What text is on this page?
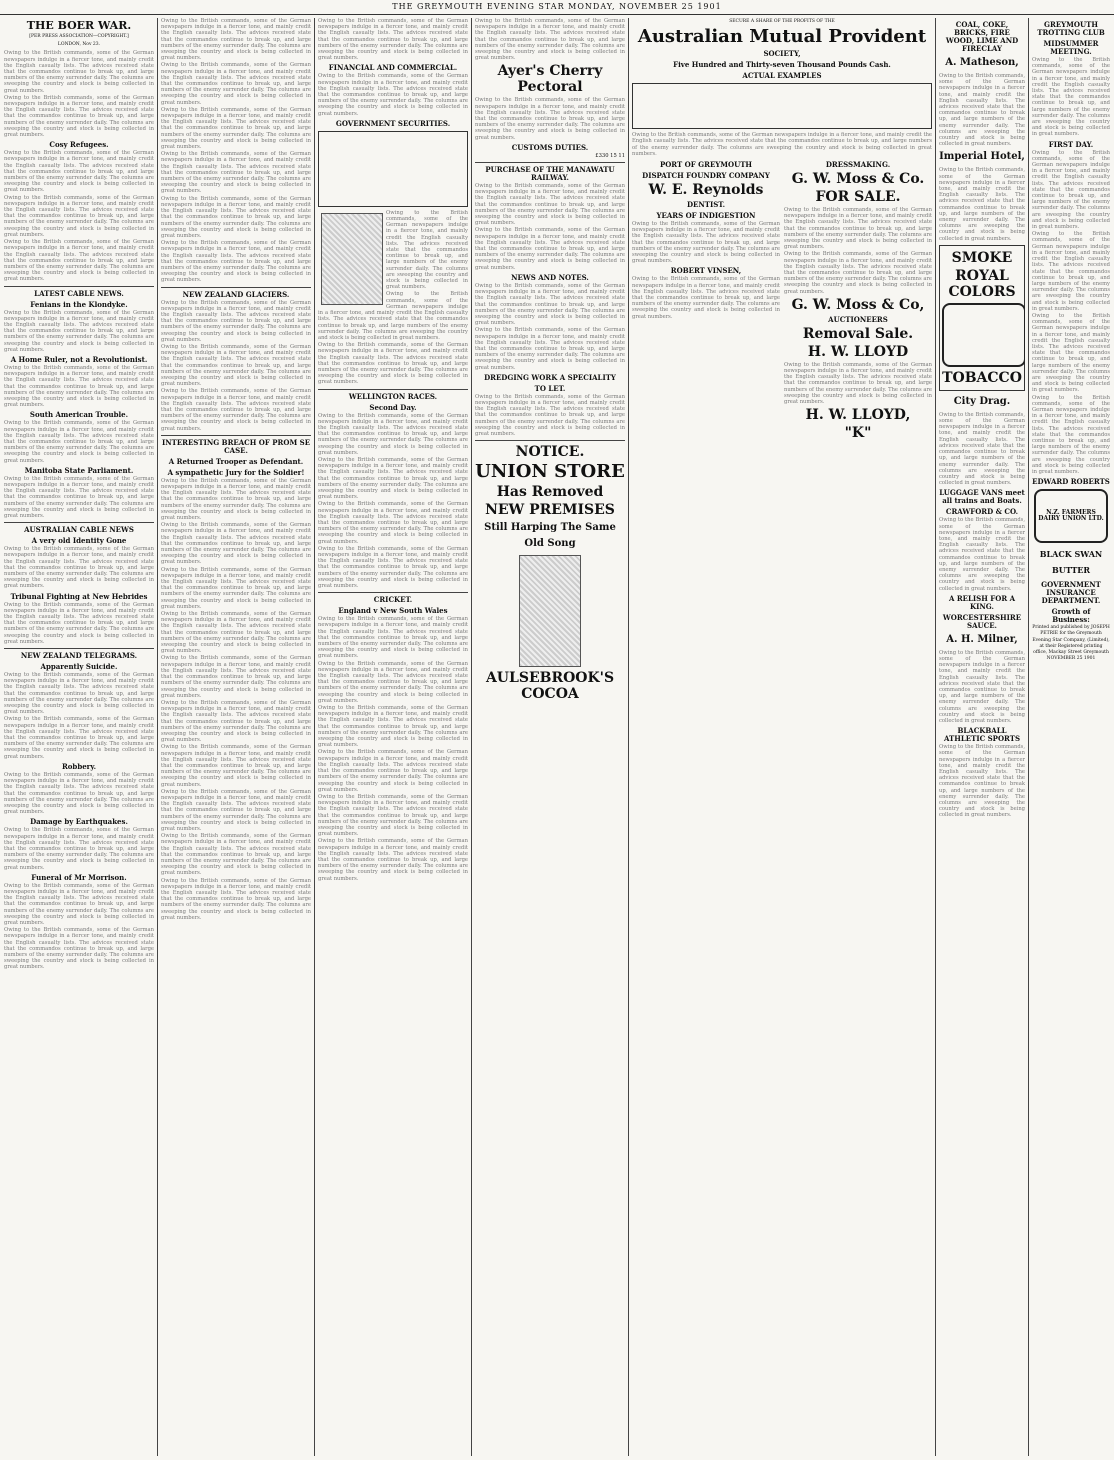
THE GREYMOUTH EVENING STAR MONDAY, NOVEMBER 25 1901
THE BOER WAR.
[PER PRESS ASSOCIATION—COPYRIGHT.]
LONDON, Nov 23.

Owing to the British commands, some of the German newspapers indulge in a fiercer tone, and mainly credit the English casualty lists. The advices received state that the commandos continue to break up, and large numbers of the enemy surrender daily. The columns are sweeping the country and stock is being collected in great numbers.

Owing to the British commands, some of the German newspapers indulge in a fiercer tone, and mainly credit the English casualty lists. The advices received state that the commandos continue to break up, and large numbers of the enemy surrender daily. The columns are sweeping the country and stock is being collected in great numbers.

Cosy Refugees.

Owing to the British commands, some of the German newspapers indulge in a fiercer tone, and mainly credit the English casualty lists. The advices received state that the commandos continue to break up, and large numbers of the enemy surrender daily. The columns are sweeping the country and stock is being collected in great numbers.

Owing to the British commands, some of the German newspapers indulge in a fiercer tone, and mainly credit the English casualty lists. The advices received state that the commandos continue to break up, and large numbers of the enemy surrender daily. The columns are sweeping the country and stock is being collected in great numbers.

Owing to the British commands, some of the German newspapers indulge in a fiercer tone, and mainly credit the English casualty lists. The advices received state that the commandos continue to break up, and large numbers of the enemy surrender daily. The columns are sweeping the country and stock is being collected in great numbers.

LATEST CABLE NEWS.
Fenians in the Klondyke.

Owing to the British commands, some of the German newspapers indulge in a fiercer tone, and mainly credit the English casualty lists. The advices received state that the commandos continue to break up, and large numbers of the enemy surrender daily. The columns are sweeping the country and stock is being collected in great numbers.

A Home Ruler, not a Revolutionist.

Owing to the British commands, some of the German newspapers indulge in a fiercer tone, and mainly credit the English casualty lists. The advices received state that the commandos continue to break up, and large numbers of the enemy surrender daily. The columns are sweeping the country and stock is being collected in great numbers.

South American Trouble.

Owing to the British commands, some of the German newspapers indulge in a fiercer tone, and mainly credit the English casualty lists. The advices received state that the commandos continue to break up, and large numbers of the enemy surrender daily. The columns are sweeping the country and stock is being collected in great numbers.

Manitoba State Parliament.

Owing to the British commands, some of the German newspapers indulge in a fiercer tone, and mainly credit the English casualty lists. The advices received state that the commandos continue to break up, and large numbers of the enemy surrender daily. The columns are sweeping the country and stock is being collected in great numbers.

AUSTRALIAN CABLE NEWS
A very old Identity Gone

Owing to the British commands, some of the German newspapers indulge in a fiercer tone, and mainly credit the English casualty lists. The advices received state that the commandos continue to break up, and large numbers of the enemy surrender daily. The columns are sweeping the country and stock is being collected in great numbers.

Tribunal Fighting at New Hebrides

Owing to the British commands, some of the German newspapers indulge in a fiercer tone, and mainly credit the English casualty lists. The advices received state that the commandos continue to break up, and large numbers of the enemy surrender daily. The columns are sweeping the country and stock is being collected in great numbers.

NEW ZEALAND TELEGRAMS.
Apparently Suicide.

Owing to the British commands, some of the German newspapers indulge in a fiercer tone, and mainly credit the English casualty lists. The advices received state that the commandos continue to break up, and large numbers of the enemy surrender daily. The columns are sweeping the country and stock is being collected in great numbers.

Owing to the British commands, some of the German newspapers indulge in a fiercer tone, and mainly credit the English casualty lists. The advices received state that the commandos continue to break up, and large numbers of the enemy surrender daily. The columns are sweeping the country and stock is being collected in great numbers.

Robbery.

Owing to the British commands, some of the German newspapers indulge in a fiercer tone, and mainly credit the English casualty lists. The advices received state that the commandos continue to break up, and large numbers of the enemy surrender daily. The columns are sweeping the country and stock is being collected in great numbers.

Damage by Earthquakes.

Owing to the British commands, some of the German newspapers indulge in a fiercer tone, and mainly credit the English casualty lists. The advices received state that the commandos continue to break up, and large numbers of the enemy surrender daily. The columns are sweeping the country and stock is being collected in great numbers.

Funeral of Mr Morrison.

Owing to the British commands, some of the German newspapers indulge in a fiercer tone, and mainly credit the English casualty lists. The advices received state that the commandos continue to break up, and large numbers of the enemy surrender daily. The columns are sweeping the country and stock is being collected in great numbers.

Owing to the British commands, some of the German newspapers indulge in a fiercer tone, and mainly credit the English casualty lists. The advices received state that the commandos continue to break up, and large numbers of the enemy surrender daily. The columns are sweeping the country and stock is being collected in great numbers.

Owing to the British commands, some of the German newspapers indulge in a fiercer tone, and mainly credit the English casualty lists. The advices received state that the commandos continue to break up, and large numbers of the enemy surrender daily. The columns are sweeping the country and stock is being collected in great numbers.

Owing to the British commands, some of the German newspapers indulge in a fiercer tone, and mainly credit the English casualty lists. The advices received state that the commandos continue to break up, and large numbers of the enemy surrender daily. The columns are sweeping the country and stock is being collected in great numbers.

Owing to the British commands, some of the German newspapers indulge in a fiercer tone, and mainly credit the English casualty lists. The advices received state that the commandos continue to break up, and large numbers of the enemy surrender daily. The columns are sweeping the country and stock is being collected in great numbers.

Owing to the British commands, some of the German newspapers indulge in a fiercer tone, and mainly credit the English casualty lists. The advices received state that the commandos continue to break up, and large numbers of the enemy surrender daily. The columns are sweeping the country and stock is being collected in great numbers.

Owing to the British commands, some of the German newspapers indulge in a fiercer tone, and mainly credit the English casualty lists. The advices received state that the commandos continue to break up, and large numbers of the enemy surrender daily. The columns are sweeping the country and stock is being collected in great numbers.

Owing to the British commands, some of the German newspapers indulge in a fiercer tone, and mainly credit the English casualty lists. The advices received state that the commandos continue to break up, and large numbers of the enemy surrender daily. The columns are sweeping the country and stock is being collected in great numbers.

NEW ZEALAND GLACIERS.

Owing to the British commands, some of the German newspapers indulge in a fiercer tone, and mainly credit the English casualty lists. The advices received state that the commandos continue to break up, and large numbers of the enemy surrender daily. The columns are sweeping the country and stock is being collected in great numbers.

Owing to the British commands, some of the German newspapers indulge in a fiercer tone, and mainly credit the English casualty lists. The advices received state that the commandos continue to break up, and large numbers of the enemy surrender daily. The columns are sweeping the country and stock is being collected in great numbers.

Owing to the British commands, some of the German newspapers indulge in a fiercer tone, and mainly credit the English casualty lists. The advices received state that the commandos continue to break up, and large numbers of the enemy surrender daily. The columns are sweeping the country and stock is being collected in great numbers.

INTERESTING BREACH OF PROM SE CASE.
A Returned Trooper as Defendant.
A sympathetic Jury for the Soldier!

Owing to the British commands, some of the German newspapers indulge in a fiercer tone, and mainly credit the English casualty lists. The advices received state that the commandos continue to break up, and large numbers of the enemy surrender daily. The columns are sweeping the country and stock is being collected in great numbers.

Owing to the British commands, some of the German newspapers indulge in a fiercer tone, and mainly credit the English casualty lists. The advices received state that the commandos continue to break up, and large numbers of the enemy surrender daily. The columns are sweeping the country and stock is being collected in great numbers.

Owing to the British commands, some of the German newspapers indulge in a fiercer tone, and mainly credit the English casualty lists. The advices received state that the commandos continue to break up, and large numbers of the enemy surrender daily. The columns are sweeping the country and stock is being collected in great numbers.

Owing to the British commands, some of the German newspapers indulge in a fiercer tone, and mainly credit the English casualty lists. The advices received state that the commandos continue to break up, and large numbers of the enemy surrender daily. The columns are sweeping the country and stock is being collected in great numbers.

Owing to the British commands, some of the German newspapers indulge in a fiercer tone, and mainly credit the English casualty lists. The advices received state that the commandos continue to break up, and large numbers of the enemy surrender daily. The columns are sweeping the country and stock is being collected in great numbers.

Owing to the British commands, some of the German newspapers indulge in a fiercer tone, and mainly credit the English casualty lists. The advices received state that the commandos continue to break up, and large numbers of the enemy surrender daily. The columns are sweeping the country and stock is being collected in great numbers.

Owing to the British commands, some of the German newspapers indulge in a fiercer tone, and mainly credit the English casualty lists. The advices received state that the commandos continue to break up, and large numbers of the enemy surrender daily. The columns are sweeping the country and stock is being collected in great numbers.

Owing to the British commands, some of the German newspapers indulge in a fiercer tone, and mainly credit the English casualty lists. The advices received state that the commandos continue to break up, and large numbers of the enemy surrender daily. The columns are sweeping the country and stock is being collected in great numbers.

Owing to the British commands, some of the German newspapers indulge in a fiercer tone, and mainly credit the English casualty lists. The advices received state that the commandos continue to break up, and large numbers of the enemy surrender daily. The columns are sweeping the country and stock is being collected in great numbers.

Owing to the British commands, some of the German newspapers indulge in a fiercer tone, and mainly credit the English casualty lists. The advices received state that the commandos continue to break up, and large numbers of the enemy surrender daily. The columns are sweeping the country and stock is being collected in great numbers.

Owing to the British commands, some of the German newspapers indulge in a fiercer tone, and mainly credit the English casualty lists. The advices received state that the commandos continue to break up, and large numbers of the enemy surrender daily. The columns are sweeping the country and stock is being collected in great numbers.

FINANCIAL AND COMMERCIAL.

Owing to the British commands, some of the German newspapers indulge in a fiercer tone, and mainly credit the English casualty lists. The advices received state that the commandos continue to break up, and large numbers of the enemy surrender daily. The columns are sweeping the country and stock is being collected in great numbers.

GOVERNMENT SECURITIES.

Owing to the British commands, some of the German newspapers indulge in a fiercer tone, and mainly credit the English casualty lists. The advices received state that the commandos continue to break up, and large numbers of the enemy surrender daily. The columns are sweeping the country and stock is being collected in great numbers.

Owing to the British commands, some of the German newspapers indulge in a fiercer tone, and mainly credit the English casualty lists. The advices received state that the commandos continue to break up, and large numbers of the enemy surrender daily. The columns are sweeping the country and stock is being collected in great numbers.

Owing to the British commands, some of the German newspapers indulge in a fiercer tone, and mainly credit the English casualty lists. The advices received state that the commandos continue to break up, and large numbers of the enemy surrender daily. The columns are sweeping the country and stock is being collected in great numbers.

WELLINGTON RACES.
Second Day.

Owing to the British commands, some of the German newspapers indulge in a fiercer tone, and mainly credit the English casualty lists. The advices received state that the commandos continue to break up, and large numbers of the enemy surrender daily. The columns are sweeping the country and stock is being collected in great numbers.

Owing to the British commands, some of the German newspapers indulge in a fiercer tone, and mainly credit the English casualty lists. The advices received state that the commandos continue to break up, and large numbers of the enemy surrender daily. The columns are sweeping the country and stock is being collected in great numbers.

Owing to the British commands, some of the German newspapers indulge in a fiercer tone, and mainly credit the English casualty lists. The advices received state that the commandos continue to break up, and large numbers of the enemy surrender daily. The columns are sweeping the country and stock is being collected in great numbers.

Owing to the British commands, some of the German newspapers indulge in a fiercer tone, and mainly credit the English casualty lists. The advices received state that the commandos continue to break up, and large numbers of the enemy surrender daily. The columns are sweeping the country and stock is being collected in great numbers.

CRICKET.
England v New South Wales

Owing to the British commands, some of the German newspapers indulge in a fiercer tone, and mainly credit the English casualty lists. The advices received state that the commandos continue to break up, and large numbers of the enemy surrender daily. The columns are sweeping the country and stock is being collected in great numbers.

Owing to the British commands, some of the German newspapers indulge in a fiercer tone, and mainly credit the English casualty lists. The advices received state that the commandos continue to break up, and large numbers of the enemy surrender daily. The columns are sweeping the country and stock is being collected in great numbers.

Owing to the British commands, some of the German newspapers indulge in a fiercer tone, and mainly credit the English casualty lists. The advices received state that the commandos continue to break up, and large numbers of the enemy surrender daily. The columns are sweeping the country and stock is being collected in great numbers.

Owing to the British commands, some of the German newspapers indulge in a fiercer tone, and mainly credit the English casualty lists. The advices received state that the commandos continue to break up, and large numbers of the enemy surrender daily. The columns are sweeping the country and stock is being collected in great numbers.

Owing to the British commands, some of the German newspapers indulge in a fiercer tone, and mainly credit the English casualty lists. The advices received state that the commandos continue to break up, and large numbers of the enemy surrender daily. The columns are sweeping the country and stock is being collected in great numbers.

Owing to the British commands, some of the German newspapers indulge in a fiercer tone, and mainly credit the English casualty lists. The advices received state that the commandos continue to break up, and large numbers of the enemy surrender daily. The columns are sweeping the country and stock is being collected in great numbers.

Owing to the British commands, some of the German newspapers indulge in a fiercer tone, and mainly credit the English casualty lists. The advices received state that the commandos continue to break up, and large numbers of the enemy surrender daily. The columns are sweeping the country and stock is being collected in great numbers.

Ayer's Cherry Pectoral

Owing to the British commands, some of the German newspapers indulge in a fiercer tone, and mainly credit the English casualty lists. The advices received state that the commandos continue to break up, and large numbers of the enemy surrender daily. The columns are sweeping the country and stock is being collected in great numbers.

CUSTOMS DUTIES.
£330 15 11
PURCHASE OF THE MANAWATU RAILWAY.

Owing to the British commands, some of the German newspapers indulge in a fiercer tone, and mainly credit the English casualty lists. The advices received state that the commandos continue to break up, and large numbers of the enemy surrender daily. The columns are sweeping the country and stock is being collected in great numbers.

Owing to the British commands, some of the German newspapers indulge in a fiercer tone, and mainly credit the English casualty lists. The advices received state that the commandos continue to break up, and large numbers of the enemy surrender daily. The columns are sweeping the country and stock is being collected in great numbers.

NEWS AND NOTES.

Owing to the British commands, some of the German newspapers indulge in a fiercer tone, and mainly credit the English casualty lists. The advices received state that the commandos continue to break up, and large numbers of the enemy surrender daily. The columns are sweeping the country and stock is being collected in great numbers.

Owing to the British commands, some of the German newspapers indulge in a fiercer tone, and mainly credit the English casualty lists. The advices received state that the commandos continue to break up, and large numbers of the enemy surrender daily. The columns are sweeping the country and stock is being collected in great numbers.

DREDGING WORK A SPECIALITY
TO LET.

Owing to the British commands, some of the German newspapers indulge in a fiercer tone, and mainly credit the English casualty lists. The advices received state that the commandos continue to break up, and large numbers of the enemy surrender daily. The columns are sweeping the country and stock is being collected in great numbers.

NOTICE.
UNION STORE
Has Removed
NEW PREMISES
Still Harping The Same Old Song
AULSEBROOK'S COCOA
SECURE A SHARE OF THE PROFITS OF THE
Australian Mutual Provident
SOCIETY,
Five Hundred and Thirty-seven Thousand Pounds Cash.
ACTUAL EXAMPLES

Owing to the British commands, some of the German newspapers indulge in a fiercer tone, and mainly credit the English casualty lists. The advices received state that the commandos continue to break up, and large numbers of the enemy surrender daily. The columns are sweeping the country and stock is being collected in great numbers.

PORT OF GREYMOUTH
DISPATCH FOUNDRY COMPANY
W. E. Reynolds
DENTIST.
YEARS OF INDIGESTION

Owing to the British commands, some of the German newspapers indulge in a fiercer tone, and mainly credit the English casualty lists. The advices received state that the commandos continue to break up, and large numbers of the enemy surrender daily. The columns are sweeping the country and stock is being collected in great numbers.

ROBERT VINSEN,

Owing to the British commands, some of the German newspapers indulge in a fiercer tone, and mainly credit the English casualty lists. The advices received state that the commandos continue to break up, and large numbers of the enemy surrender daily. The columns are sweeping the country and stock is being collected in great numbers.

DRESSMAKING.
G. W. Moss & Co.
FOR SALE.

Owing to the British commands, some of the German newspapers indulge in a fiercer tone, and mainly credit the English casualty lists. The advices received state that the commandos continue to break up, and large numbers of the enemy surrender daily. The columns are sweeping the country and stock is being collected in great numbers.

Owing to the British commands, some of the German newspapers indulge in a fiercer tone, and mainly credit the English casualty lists. The advices received state that the commandos continue to break up, and large numbers of the enemy surrender daily. The columns are sweeping the country and stock is being collected in great numbers.

G. W. Moss & Co,
AUCTIONEERS
Removal Sale.
H. W. LLOYD

Owing to the British commands, some of the German newspapers indulge in a fiercer tone, and mainly credit the English casualty lists. The advices received state that the commandos continue to break up, and large numbers of the enemy surrender daily. The columns are sweeping the country and stock is being collected in great numbers.

H. W. LLOYD,
"K"
COAL, COKE, BRICKS, FIRE WOOD, LIME AND FIRECLAY
A. Matheson,

Owing to the British commands, some of the German newspapers indulge in a fiercer tone, and mainly credit the English casualty lists. The advices received state that the commandos continue to break up, and large numbers of the enemy surrender daily. The columns are sweeping the country and stock is being collected in great numbers.

Imperial Hotel,

Owing to the British commands, some of the German newspapers indulge in a fiercer tone, and mainly credit the English casualty lists. The advices received state that the commandos continue to break up, and large numbers of the enemy surrender daily. The columns are sweeping the country and stock is being collected in great numbers.

SMOKE
ROYAL COLORS
TOBACCO
City Drag.

Owing to the British commands, some of the German newspapers indulge in a fiercer tone, and mainly credit the English casualty lists. The advices received state that the commandos continue to break up, and large numbers of the enemy surrender daily. The columns are sweeping the country and stock is being collected in great numbers.

LUGGAGE VANS meet all trains and Boats.
CRAWFORD & CO.

Owing to the British commands, some of the German newspapers indulge in a fiercer tone, and mainly credit the English casualty lists. The advices received state that the commandos continue to break up, and large numbers of the enemy surrender daily. The columns are sweeping the country and stock is being collected in great numbers.

A RELISH FOR A KING.
WORCESTERSHIRE SAUCE.
A. H. Milner,

Owing to the British commands, some of the German newspapers indulge in a fiercer tone, and mainly credit the English casualty lists. The advices received state that the commandos continue to break up, and large numbers of the enemy surrender daily. The columns are sweeping the country and stock is being collected in great numbers.

BLACKBALL ATHLETIC SPORTS

Owing to the British commands, some of the German newspapers indulge in a fiercer tone, and mainly credit the English casualty lists. The advices received state that the commandos continue to break up, and large numbers of the enemy surrender daily. The columns are sweeping the country and stock is being collected in great numbers.

GREYMOUTH TROTTING CLUB
MIDSUMMER MEETING.

Owing to the British commands, some of the German newspapers indulge in a fiercer tone, and mainly credit the English casualty lists. The advices received state that the commandos continue to break up, and large numbers of the enemy surrender daily. The columns are sweeping the country and stock is being collected in great numbers.

FIRST DAY.

Owing to the British commands, some of the German newspapers indulge in a fiercer tone, and mainly credit the English casualty lists. The advices received state that the commandos continue to break up, and large numbers of the enemy surrender daily. The columns are sweeping the country and stock is being collected in great numbers.

Owing to the British commands, some of the German newspapers indulge in a fiercer tone, and mainly credit the English casualty lists. The advices received state that the commandos continue to break up, and large numbers of the enemy surrender daily. The columns are sweeping the country and stock is being collected in great numbers.

Owing to the British commands, some of the German newspapers indulge in a fiercer tone, and mainly credit the English casualty lists. The advices received state that the commandos continue to break up, and large numbers of the enemy surrender daily. The columns are sweeping the country and stock is being collected in great numbers.

Owing to the British commands, some of the German newspapers indulge in a fiercer tone, and mainly credit the English casualty lists. The advices received state that the commandos continue to break up, and large numbers of the enemy surrender daily. The columns are sweeping the country and stock is being collected in great numbers.

EDWARD ROBERTS
N.Z. FARMERS DAIRY UNION LTD.
BLACK SWAN BUTTER
GOVERNMENT INSURANCE DEPARTMENT.
Growth of Business:

Printed and published by JOSEPH PETRIE for the Greymouth Evening Star Company, (Limited), at their Registered printing office, Mackay Street Greymouth NOVEMBER 25 1901
